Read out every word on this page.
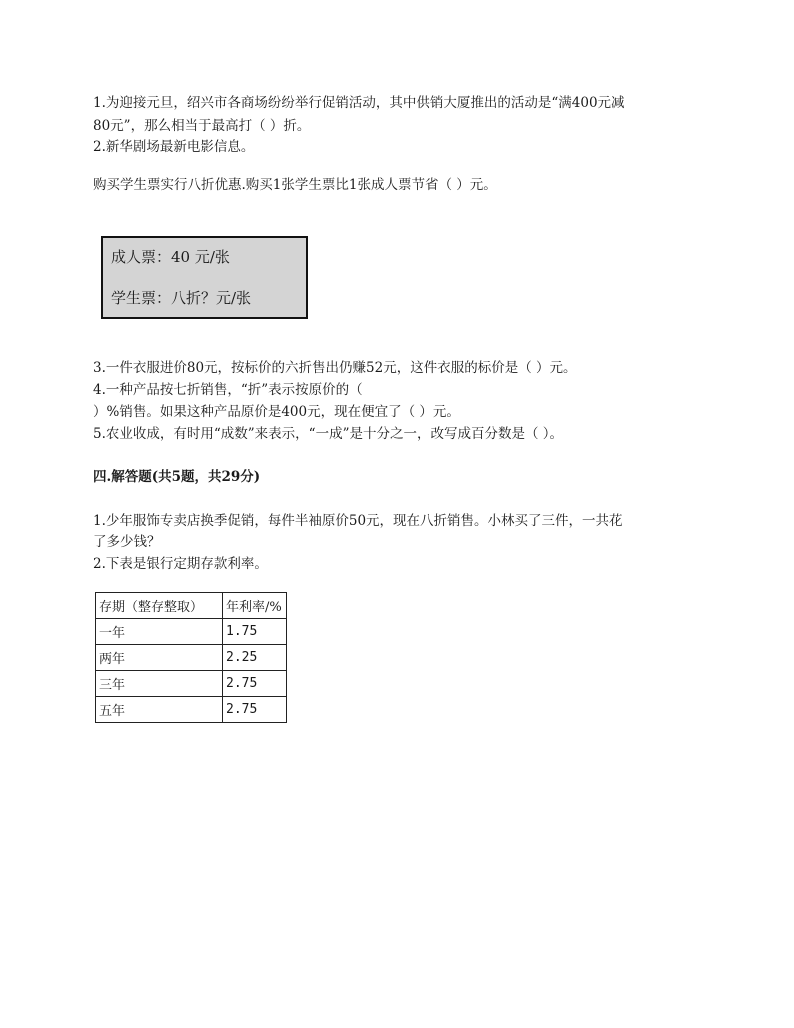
1.为迎接元旦，绍兴市各商场纷纷举行促销活动，其中供销大厦推出的活动是“满400元减
80元”，那么相当于最高打（ ）折。
2.新华剧场最新电影信息。
购买学生票实行八折优惠.购买1张学生票比1张成人票节省（ ）元。
成人票：40 元/张
学生票：八折？元/张
3.一件衣服进价80元，按标价的六折售出仍赚52元，这件衣服的标价是（ ）元。
4.一种产品按七折销售，“折”表示按原价的（
）%销售。如果这种产品原价是400元，现在便宜了（ ）元。
5.农业收成，有时用“成数”来表示，“一成”是十分之一，改写成百分数是（ ）。
四.解答题(共5题，共29分)
1.少年服饰专卖店换季促销，每件半袖原价50元，现在八折销售。小林买了三件，一共花
了多少钱？
2.下表是银行定期存款利率。
存期（整存整取）	年利率/%
一年	1.75
两年	2.25
三年	2.75
五年	2.75
